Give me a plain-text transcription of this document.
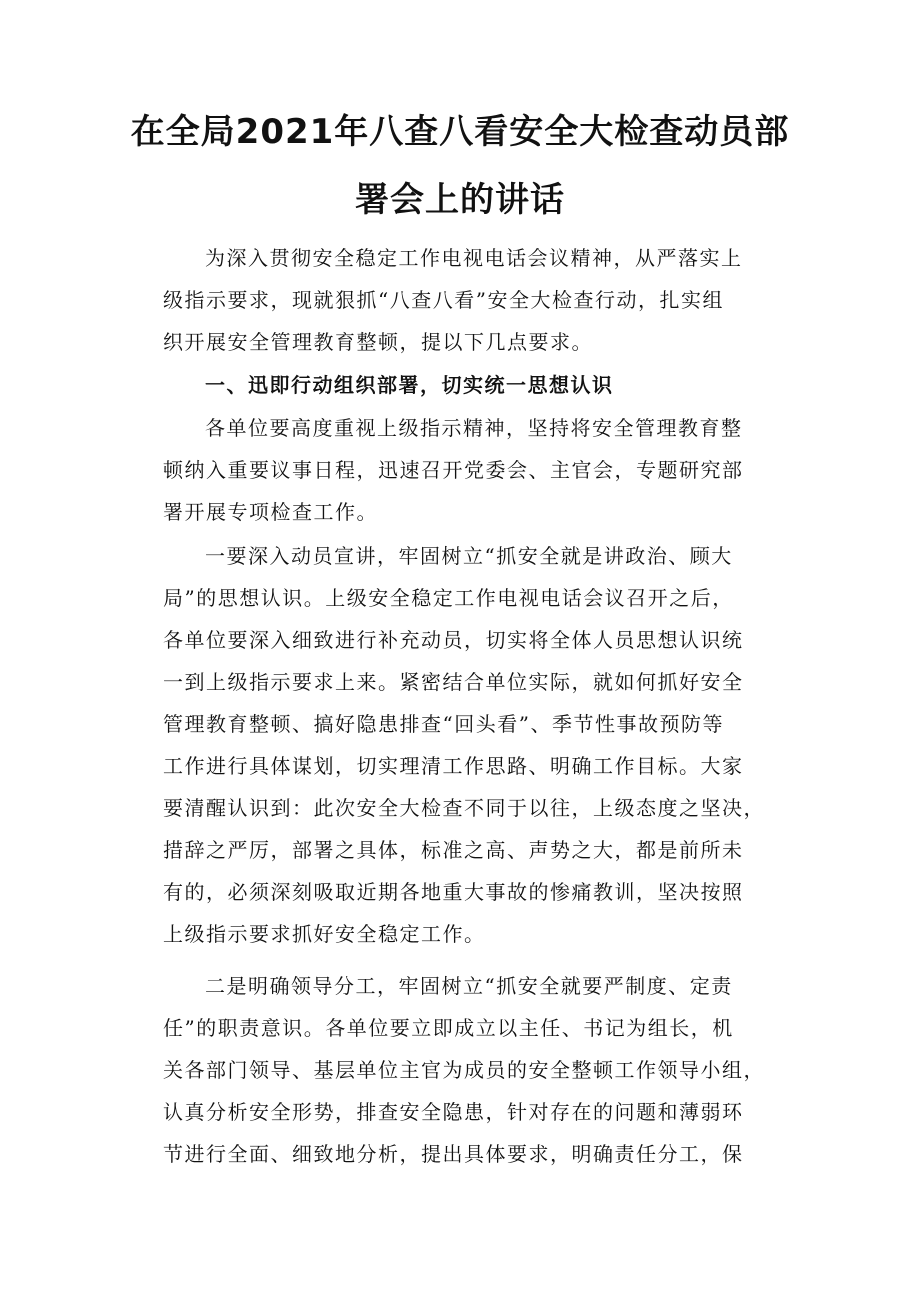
在全局2021年八查八看安全大检查动员部
署会上的讲话
为深入贯彻安全稳定工作电视电话会议精神，从严落实上
级指示要求，现就狠抓“八查八看”安全大检查行动，扎实组
织开展安全管理教育整顿，提以下几点要求。
一、迅即行动组织部署，切实统一思想认识
各单位要高度重视上级指示精神，坚持将安全管理教育整
顿纳入重要议事日程，迅速召开党委会、主官会，专题研究部
署开展专项检查工作。
一要深入动员宣讲，牢固树立“抓安全就是讲政治、顾大
局”的思想认识。上级安全稳定工作电视电话会议召开之后，
各单位要深入细致进行补充动员，切实将全体人员思想认识统
一到上级指示要求上来。紧密结合单位实际，就如何抓好安全
管理教育整顿、搞好隐患排查“回头看”、季节性事故预防等
工作进行具体谋划，切实理清工作思路、明确工作目标。大家
要清醒认识到：此次安全大检查不同于以往，上级态度之坚决，
措辞之严厉，部署之具体，标准之高、声势之大，都是前所未
有的，必须深刻吸取近期各地重大事故的惨痛教训，坚决按照
上级指示要求抓好安全稳定工作。
二是明确领导分工，牢固树立“抓安全就要严制度、定责
任”的职责意识。各单位要立即成立以主任、书记为组长，机
关各部门领导、基层单位主官为成员的安全整顿工作领导小组，
认真分析安全形势，排查安全隐患，针对存在的问题和薄弱环
节进行全面、细致地分析，提出具体要求，明确责任分工，保
